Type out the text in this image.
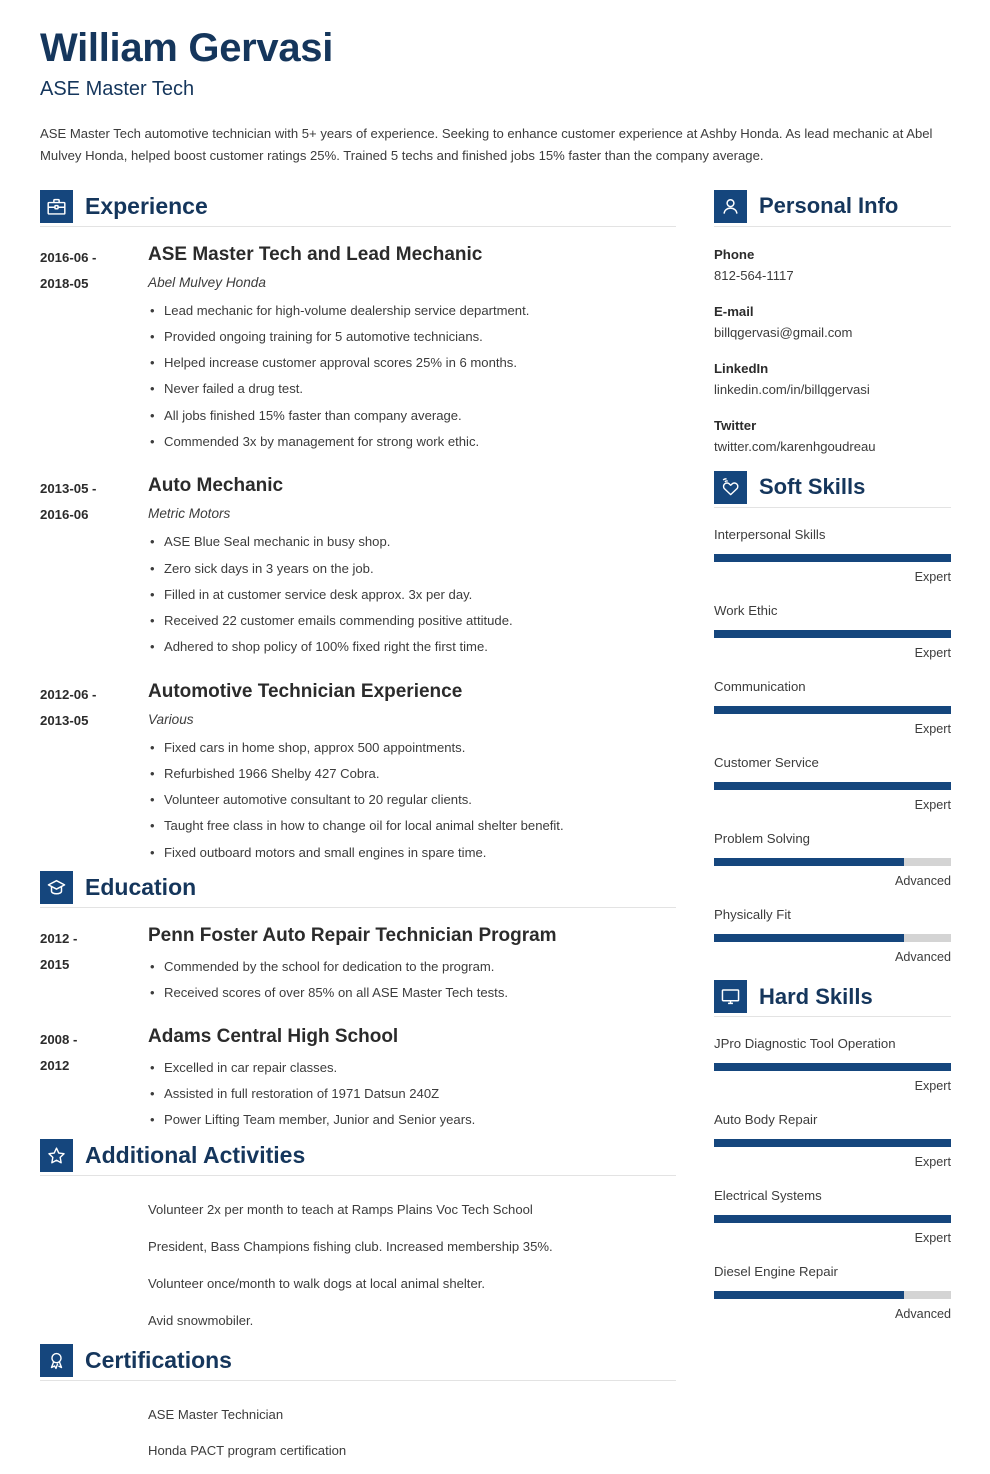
William Gervasi
ASE Master Tech

ASE Master Tech automotive technician with 5+ years of experience. Seeking to enhance customer experience at Ashby Honda. As lead mechanic at Abel Mulvey Honda, helped boost customer ratings 25%. Trained 5 techs and finished jobs 15% faster than the company average.

Experience
2016-06 -
2018-05
ASE Master Tech and Lead Mechanic
Abel Mulvey Honda
• Lead mechanic for high-volume dealership service department.
• Provided ongoing training for 5 automotive technicians.
• Helped increase customer approval scores 25% in 6 months.
• Never failed a drug test.
• All jobs finished 15% faster than company average.
• Commended 3x by management for strong work ethic.
2013-05 -
2016-06
Auto Mechanic
Metric Motors
• ASE Blue Seal mechanic in busy shop.
• Zero sick days in 3 years on the job.
• Filled in at customer service desk approx. 3x per day.
• Received 22 customer emails commending positive attitude.
• Adhered to shop policy of 100% fixed right the first time.
2012-06 -
2013-05
Automotive Technician Experience
Various
• Fixed cars in home shop, approx 500 appointments.
• Refurbished 1966 Shelby 427 Cobra.
• Volunteer automotive consultant to 20 regular clients.
• Taught free class in how to change oil for local animal shelter benefit.
• Fixed outboard motors and small engines in spare time.
Education
2012 -
2015
Penn Foster Auto Repair Technician Program
• Commended by the school for dedication to the program.
• Received scores of over 85% on all ASE Master Tech tests.
2008 -
2012
Adams Central High School
• Excelled in car repair classes.
• Assisted in full restoration of 1971 Datsun 240Z
• Power Lifting Team member, Junior and Senior years.
Additional Activities
Volunteer 2x per month to teach at Ramps Plains Voc Tech School
President, Bass Champions fishing club. Increased membership 35%.
Volunteer once/month to walk dogs at local animal shelter.
Avid snowmobiler.
Certifications
ASE Master Technician
Honda PACT program certification
Personal Info
Phone
812-564-1117
E-mail
billqgervasi@gmail.com
LinkedIn
linkedin.com/in/billqgervasi
Twitter
twitter.com/karenhgoudreau
Soft Skills
Interpersonal Skills
Expert
Work Ethic
Expert
Communication
Expert
Customer Service
Expert
Problem Solving
Advanced
Physically Fit
Advanced
Hard Skills
JPro Diagnostic Tool Operation
Expert
Auto Body Repair
Expert
Electrical Systems
Expert
Diesel Engine Repair
Advanced
